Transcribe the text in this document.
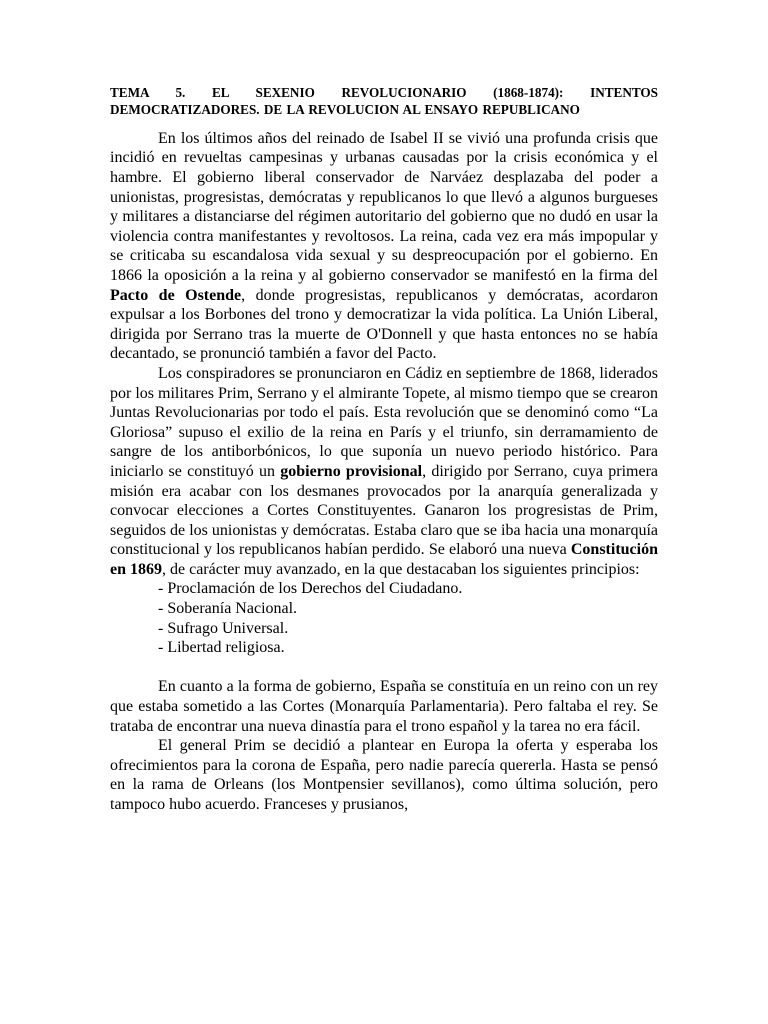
TEMA 5. EL SEXENIO REVOLUCIONARIO (1868-1874): INTENTOS DEMOCRATIZADORES. DE LA REVOLUCION AL ENSAYO REPUBLICANO

En los últimos años del reinado de Isabel II se vivió una profunda crisis que incidió en revueltas campesinas y urbanas causadas por la crisis económica y el hambre. El gobierno liberal conservador de Narváez desplazaba del poder a unionistas, progresistas, demócratas y republicanos lo que llevó a algunos burgueses y militares a distanciarse del régimen autoritario del gobierno que no dudó en usar la violencia contra manifestantes y revoltosos. La reina, cada vez era más impopular y se criticaba su escandalosa vida sexual y su despreocupación por el gobierno. En 1866 la oposición a la reina y al gobierno conservador se manifestó en la firma del Pacto de Ostende, donde progresistas, republicanos y demócratas, acordaron expulsar a los Borbones del trono y democratizar la vida política. La Unión Liberal, dirigida por Serrano tras la muerte de O'Donnell y que hasta entonces no se había decantado, se pronunció también a favor del Pacto.

Los conspiradores se pronunciaron en Cádiz en septiembre de 1868, liderados por los militares Prim, Serrano y el almirante Topete, al mismo tiempo que se crearon Juntas Revolucionarias por todo el país. Esta revolución que se denominó como “La Gloriosa” supuso el exilio de la reina en París y el triunfo, sin derramamiento de sangre de los antiborbónicos, lo que suponía un nuevo periodo histórico. Para iniciarlo se constituyó un gobierno provisional, dirigido por Serrano, cuya primera misión era acabar con los desmanes provocados por la anarquía generalizada y convocar elecciones a Cortes Constituyentes. Ganaron los progresistas de Prim, seguidos de los unionistas y demócratas. Estaba claro que se iba hacia una monarquía constitucional y los republicanos habían perdido. Se elaboró una nueva Constitución en 1869, de carácter muy avanzado, en la que destacaban los siguientes principios:

- Proclamación de los Derechos del Ciudadano.
- Soberanía Nacional.
- Sufrago Universal.
- Libertad religiosa.

En cuanto a la forma de gobierno, España se constituía en un reino con un rey que estaba sometido a las Cortes (Monarquía Parlamentaria). Pero faltaba el rey. Se trataba de encontrar una nueva dinastía para el trono español y la tarea no era fácil.

El general Prim se decidió a plantear en Europa la oferta y esperaba los ofrecimientos para la corona de España, pero nadie parecía quererla. Hasta se pensó en la rama de Orleans (los Montpensier sevillanos), como última solución, pero tampoco hubo acuerdo. Franceses y prusianos,
